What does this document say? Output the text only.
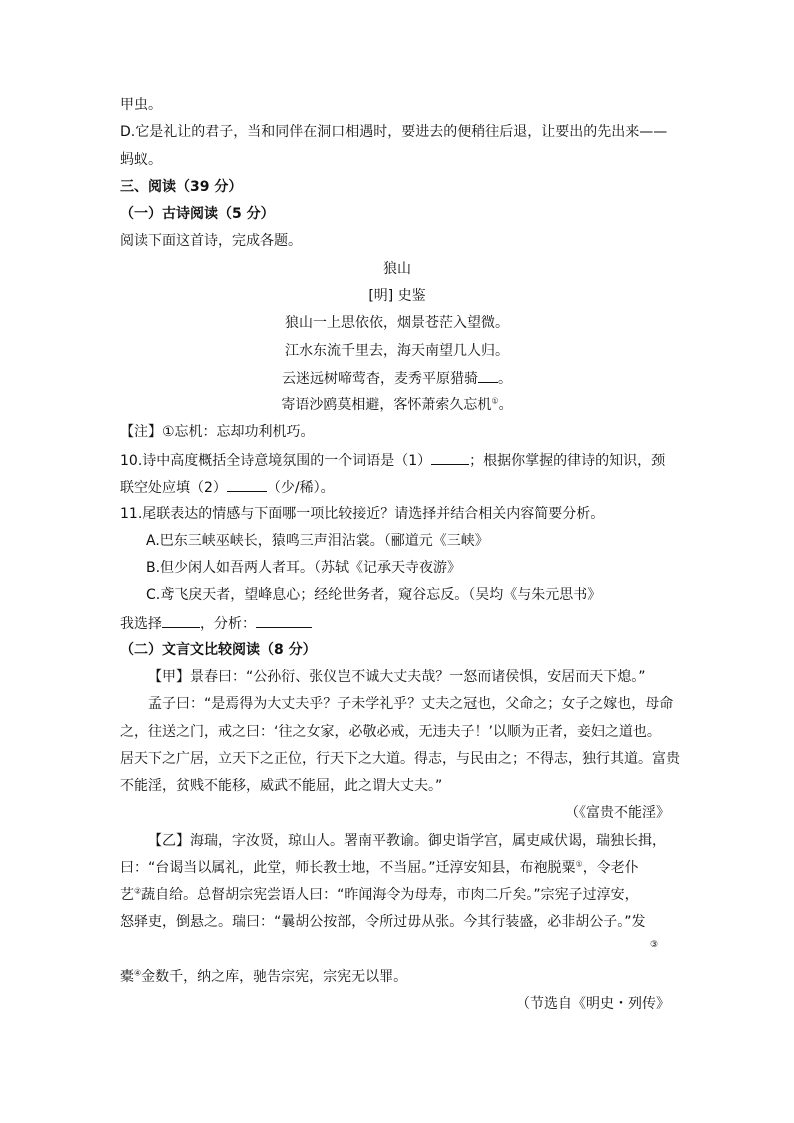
甲虫。
D.它是礼让的君子，当和同伴在洞口相遇时，要进去的便稍往后退，让要出的先出来——
蚂蚁。
三、阅读（39 分）
（一）古诗阅读（5 分）
阅读下面这首诗，完成各题。
狼山
[明] 史鉴
狼山一上思依依，烟景苍茫入望微。
江水东流千里去，海天南望几人归。
云迷远树啼莺杳，麦秀平原猎骑 。
寄语沙鸥莫相避，客怀萧索久忘机①。
【注】①忘机：忘却功利机巧。
10.诗中高度概括全诗意境氛围的一个词语是（1）	；根据你掌握的律诗的知识，颈
联空处应填（2）	（少/稀）。
11.尾联表达的情感与下面哪一项比较接近？请选择并结合相关内容简要分析。
A.巴东三峡巫峡长，猿鸣三声泪沾裳。（郦道元《三峡》
B.但少闲人如吾两人者耳。（苏轼《记承天寺夜游》
C.鸢飞戾天者，望峰息心；经纶世务者，窥谷忘反。（吴均《与朱元思书》
我选择	，分析：
（二）文言文比较阅读（8 分）
【甲】景春曰：“公孙衍、张仪岂不诚大丈夫哉？一怒而诸侯惧，安居而天下熄。”
孟子曰：“是焉得为大丈夫乎？子未学礼乎？丈夫之冠也，父命之；女子之嫁也，母命
之，往送之门，戒之曰：‘往之女家，必敬必戒，无违夫子！’以顺为正者，妾妇之道也。
居天下之广居，立天下之正位，行天下之大道。得志，与民由之；不得志，独行其道。富贵
不能淫，贫贱不能移，威武不能屈，此之谓大丈夫。”
（《富贵不能淫》
【乙】海瑞，字汝贤，琼山人。署南平教谕。御史诣学宫，属吏咸伏谒，瑞独长揖，
曰：“台谒当以属礼，此堂，师长教士地，不当屈。”迁淳安知县，布袍脱粟①，令老仆
艺②蔬自给。总督胡宗宪尝语人曰：“昨闻海令为母寿，市肉二斤矣。”宗宪子过淳安，
怒驿吏，倒悬之。瑞曰：“曩胡公按部，令所过毋从张。今其行装盛，必非胡公子。”发
③
橐④金数千，纳之库，驰告宗宪，宗宪无以罪。
（节选自《明史・列传》
